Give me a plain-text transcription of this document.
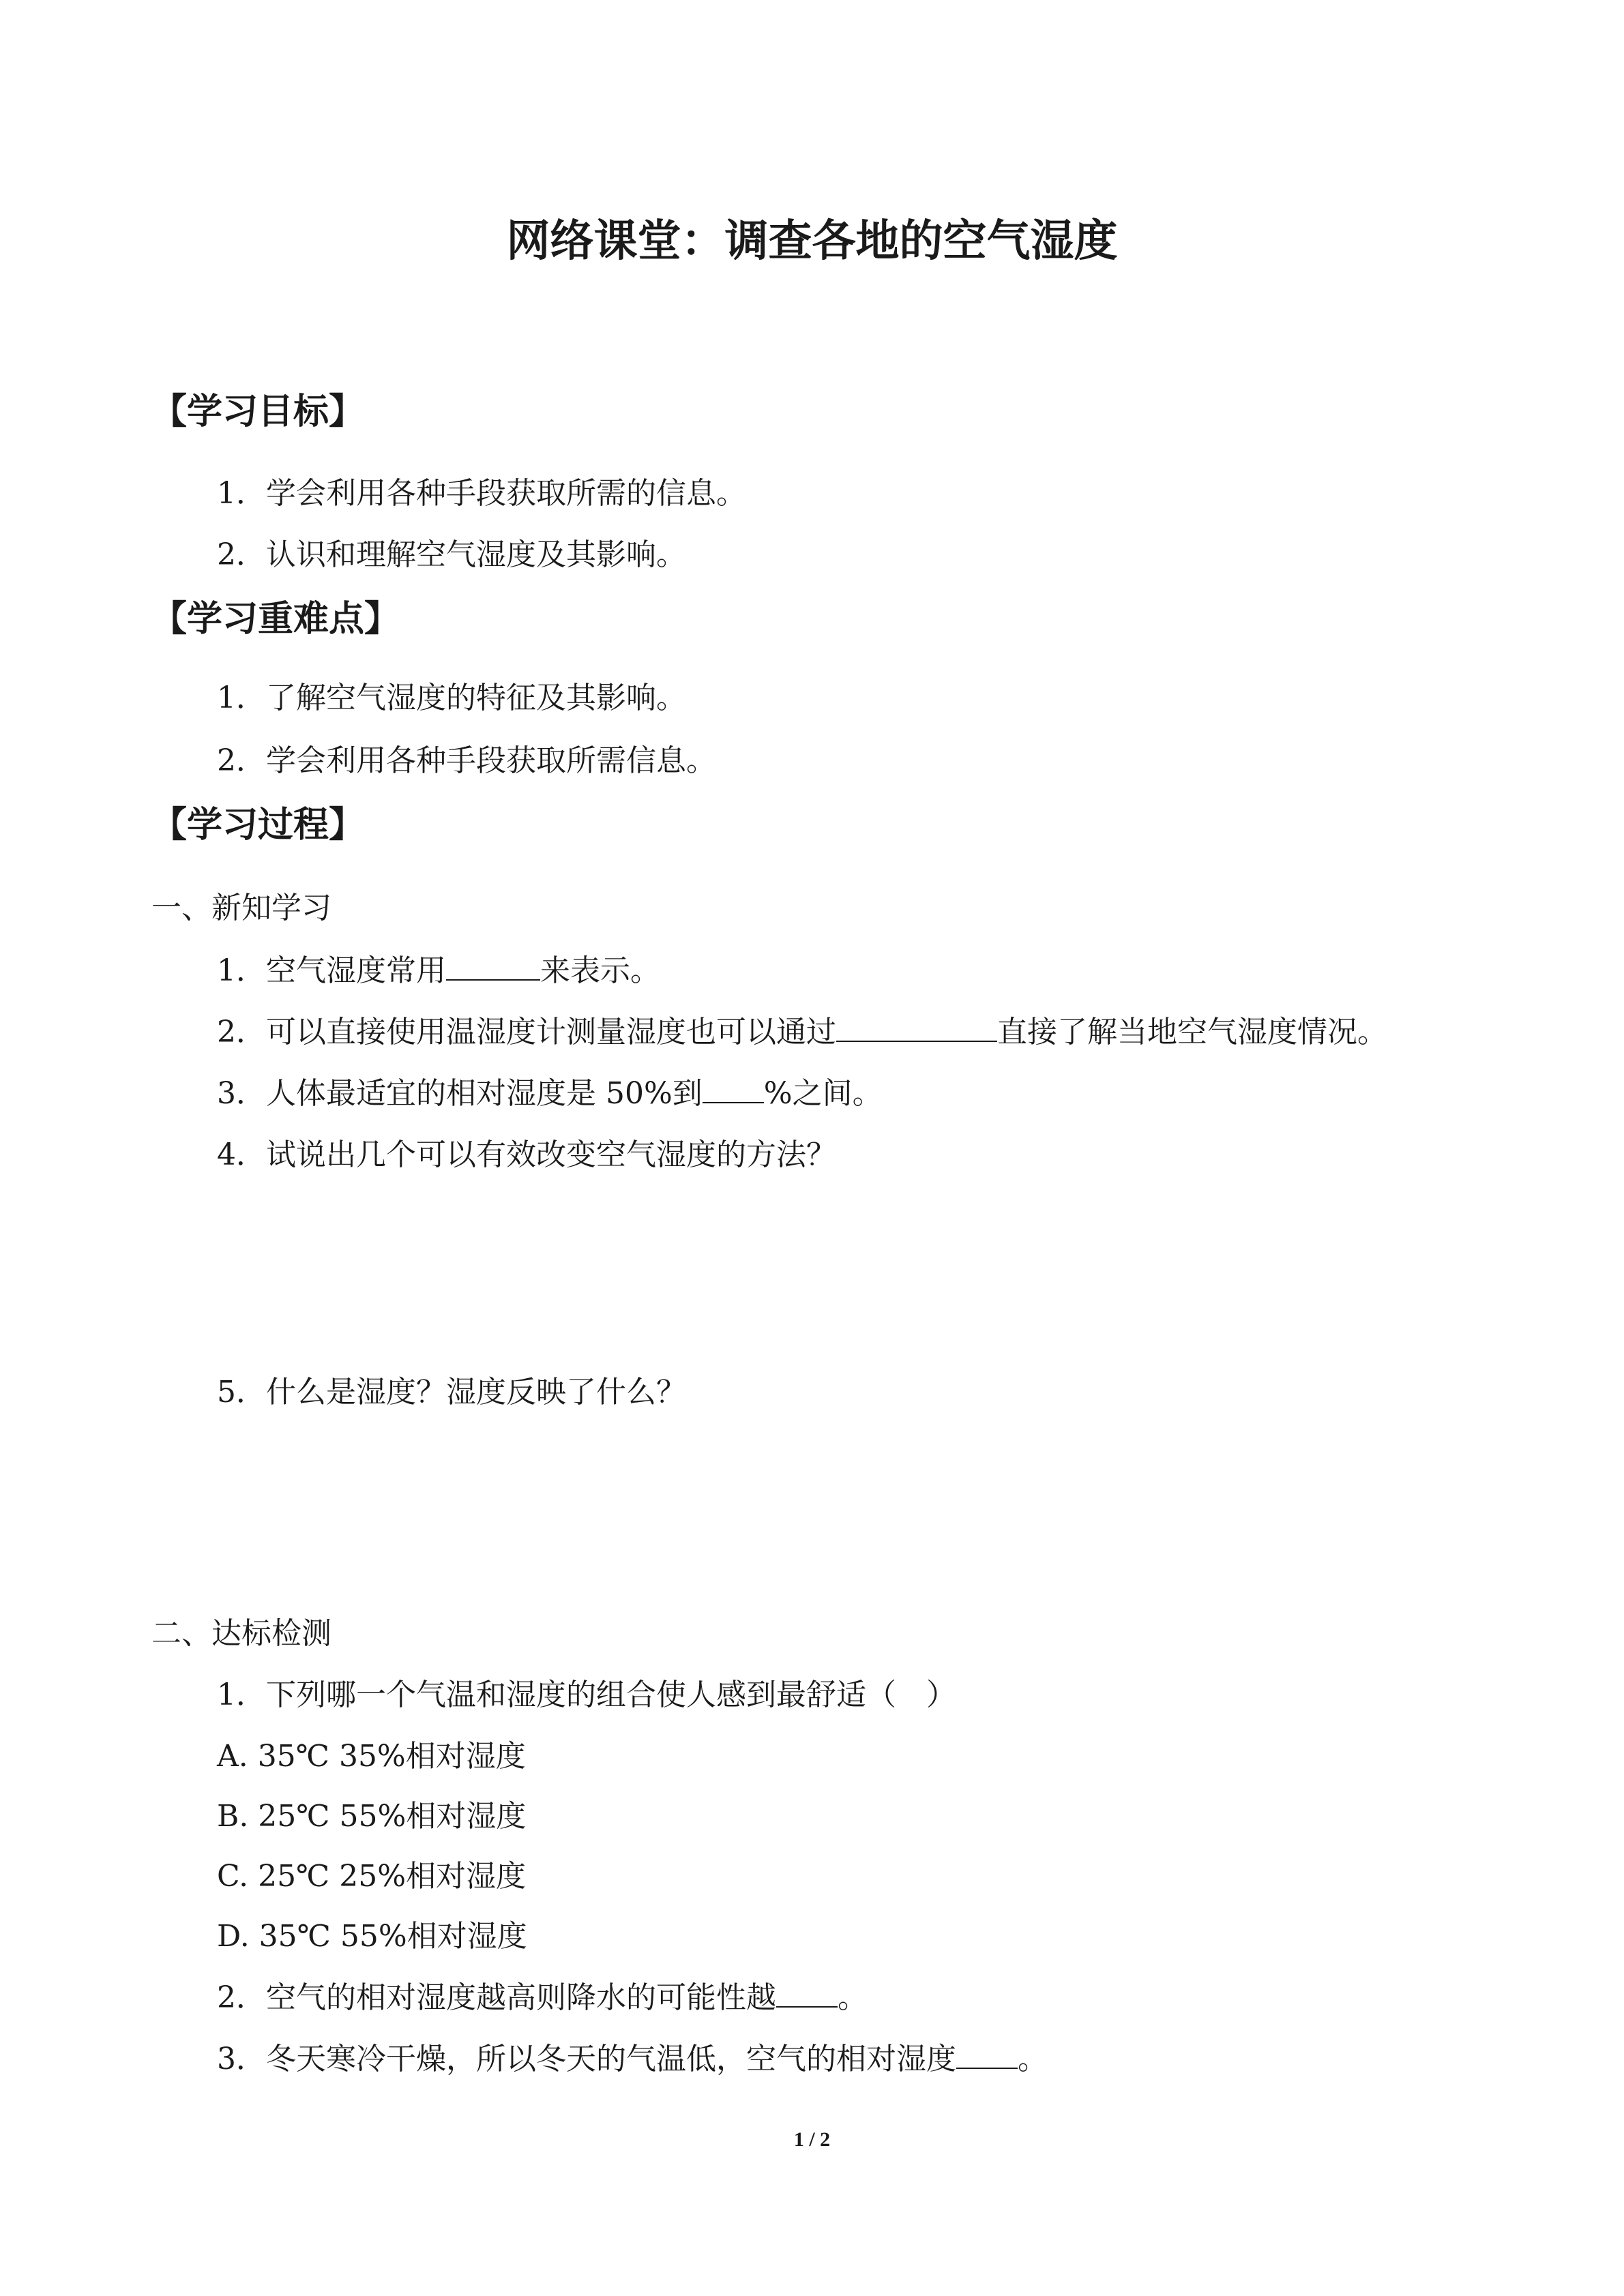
网络课堂：调查各地的空气湿度
【学习目标】
1．学会利用各种手段获取所需的信息。
2．认识和理解空气湿度及其影响。
【学习重难点】
1．了解空气湿度的特征及其影响。
2．学会利用各种手段获取所需信息。
【学习过程】
一、新知学习
1．空气湿度常用	来表示。
2．可以直接使用温湿度计测量湿度也可以通过	直接了解当地空气湿度情况。
3．人体最适宜的相对湿度是 50%到 %之间。
4．试说出几个可以有效改变空气湿度的方法？
5．什么是湿度？湿度反映了什么？
二、达标检测
1．下列哪一个气温和湿度的组合使人感到最舒适（　）
A. 35℃ 35%相对湿度
B. 25℃ 55%相对湿度
C. 25℃ 25%相对湿度
D. 35℃ 55%相对湿度
2．空气的相对湿度越高则降水的可能性越 。
3．冬天寒冷干燥，所以冬天的气温低，空气的相对湿度 。
1 / 2
